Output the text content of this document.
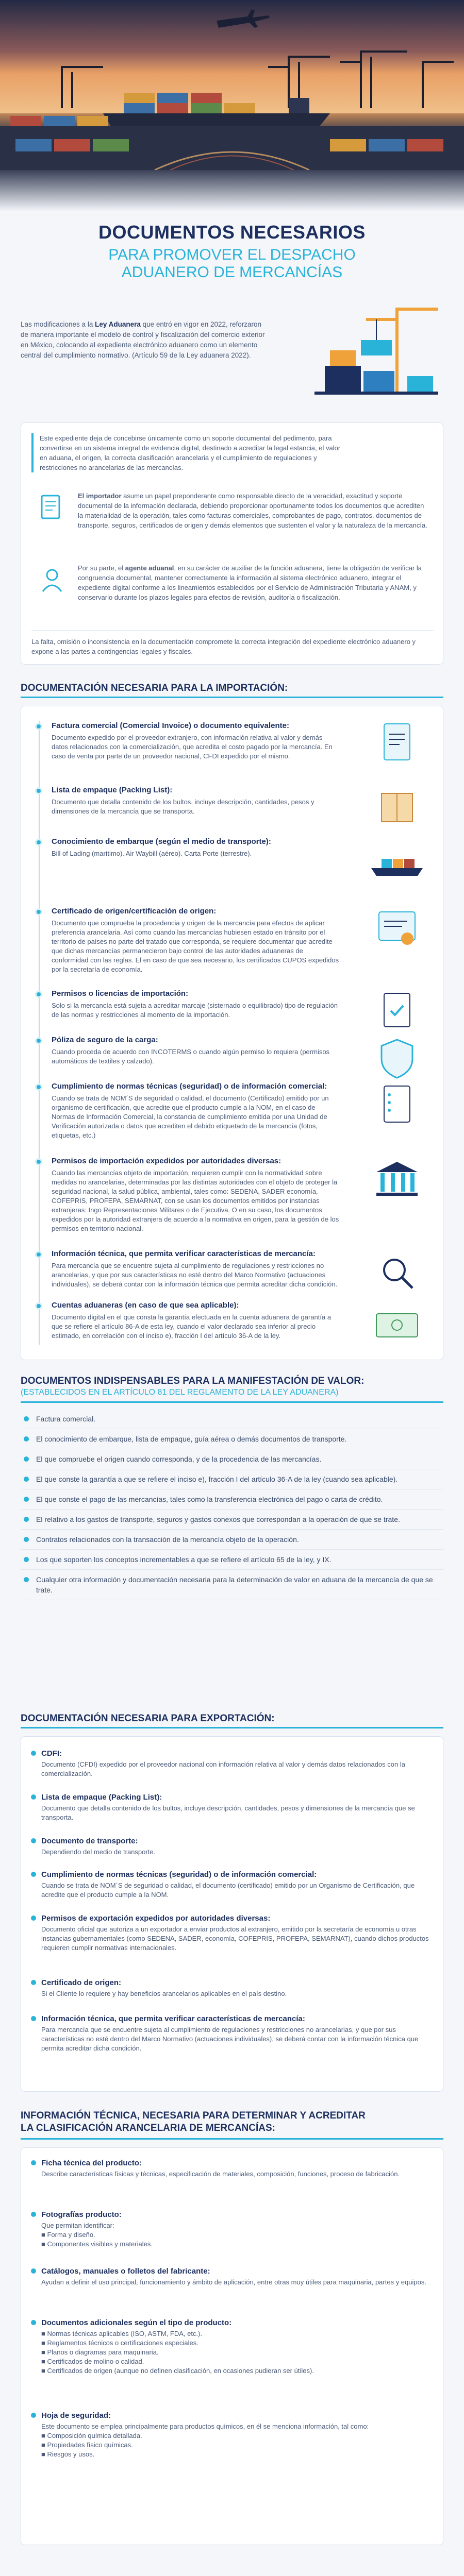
DOCUMENTOS NECESARIOS
PARA PROMOVER EL DESPACHO
ADUANERO DE MERCANCÍAS
Las modificaciones a la Ley Aduanera que entró en vigor en 2022, reforzaron de manera importante el modelo de control y fiscalización del comercio exterior en México, colocando al expediente electrónico aduanero como un elemento central del cumplimiento normativo. (Artículo 59 de la Ley aduanera 2022).
Este expediente deja de concebirse únicamente como un soporte documental del pedimento, para convertirse en un sistema integral de evidencia digital, destinado a acreditar la legal estancia, el valor en aduana, el origen, la correcta clasificación arancelaria y el cumplimiento de regulaciones y restricciones no arancelarias de las mercancías.
El importador asume un papel preponderante como responsable directo de la veracidad, exactitud y soporte documental de la información declarada, debiendo proporcionar oportunamente todos los documentos que acrediten la materialidad de la operación, tales como facturas comerciales, comprobantes de pago, contratos, documentos de transporte, seguros, certificados de origen y demás elementos que sustenten el valor y la naturaleza de la mercancía.
Por su parte, el agente aduanal, en su carácter de auxiliar de la función aduanera, tiene la obligación de verificar la congruencia documental, mantener correctamente la información al sistema electrónico aduanero, integrar el expediente digital conforme a los lineamientos establecidos por el Servicio de Administración Tributaria y ANAM, y conservarlo durante los plazos legales para efectos de revisión, auditoría o fiscalización.
La falta, omisión o inconsistencia en la documentación compromete la correcta integración del expediente electrónico aduanero y expone a las partes a contingencias legales y fiscales.
DOCUMENTACIÓN NECESARIA PARA LA IMPORTACIÓN:
Factura comercial (Comercial Invoice) o documento equivalente:
Documento expedido por el proveedor extranjero, con información relativa al valor y demás datos relacionados con la comercialización, que acredita el costo pagado por la mercancía. En caso de venta por parte de un proveedor nacional, CFDI expedido por el mismo.
Lista de empaque (Packing List):
Documento que detalla contenido de los bultos, incluye descripción, cantidades, pesos y dimensiones de la mercancía que se transporta.
Conocimiento de embarque (según el medio de transporte):
Bill of Lading (marítimo). Air Waybill (aéreo). Carta Porte (terrestre).
Certificado de origen/certificación de origen:
Documento que comprueba la procedencia y origen de la mercancía para efectos de aplicar preferencia arancelaria. Así como cuando las mercancías hubiesen estado en tránsito por el territorio de países no parte del tratado que corresponda, se requiere documentar que acredite que dichas mercancías permanecieron bajo control de las autoridades aduaneras de conformidad con las reglas. El en caso de que sea necesario, los certificados CUPOS expedidos por la secretaría de economía.
Permisos o licencias de importación:
Solo si la mercancía está sujeta a acreditar marcaje (sisternado o equilibrado) tipo de regulación de las normas y restricciones al momento de la importación.
Póliza de seguro de la carga:
Cuando proceda de acuerdo con INCOTERMS o cuando algún permiso lo requiera (permisos automáticos de textiles y calzado).
Cumplimiento de normas técnicas (seguridad) o de información comercial:
Cuando se trata de NOM´S de seguridad o calidad, el documento (Certificado) emitido por un organismo de certificación, que acredite que el producto cumple a la NOM, en el caso de Normas de Información Comercial, la constancia de cumplimiento emitida por una Unidad de Verificación autorizada o datos que acrediten el debido etiquetado de la mercancía (fotos, etiquetas, etc.)
Permisos de importación expedidos por autoridades diversas:
Cuando las mercancías objeto de importación, requieren cumplir con la normatividad sobre medidas no arancelarias, determinadas por las distintas autoridades con el objeto de proteger la seguridad nacional, la salud pública, ambiental, tales como: SEDENA, SADER economía, COFEPRIS, PROFEPA, SEMARNAT, con se usan los documentos emitidos por instancias extranjeras: Ingo Representaciones Militares o de Ejecutiva. O en su caso, los documentos expedidos por la autoridad extranjera de acuerdo a la normativa en origen, para la gestión de los permisos en territorio nacional.
Información técnica, que permita verificar características de mercancía:
Para mercancía que se encuentre sujeta al cumplimiento de regulaciones y restricciones no arancelarias, y que por sus características no esté dentro del Marco Normativo (actuaciones individuales), se deberá contar con la información técnica que permita acreditar dicha condición.
Cuentas aduaneras (en caso de que sea aplicable):
Documento digital en el que consta la garantía efectuada en la cuenta aduanera de garantía a que se refiere el artículo 86-A de esta ley, cuando el valor declarado sea inferior al precio estimado, en correlación con el inciso e), fracción I del artículo 36-A de la ley.
DOCUMENTOS INDISPENSABLES PARA LA MANIFESTACIÓN DE VALOR:
(ESTABLECIDOS EN EL ARTÍCULO 81 DEL REGLAMENTO DE LA LEY ADUANERA)
Factura comercial.
El conocimiento de embarque, lista de empaque, guía aérea o demás documentos de transporte.
El que compruebe el origen cuando corresponda, y de la procedencia de las mercancías.
El que conste la garantía a que se refiere el inciso e), fracción I del artículo 36-A de la ley (cuando sea aplicable).
El que conste el pago de las mercancías, tales como la transferencia electrónica del pago o carta de crédito.
El relativo a los gastos de transporte, seguros y gastos conexos que correspondan a la operación de que se trate.
Contratos relacionados con la transacción de la mercancía objeto de la operación.
Los que soporten los conceptos incrementables a que se refiere el artículo 65 de la ley, y IX.
Cualquier otra información y documentación necesaria para la determinación de valor en aduana de la mercancía de que se trate.
DOCUMENTACIÓN NECESARIA PARA EXPORTACIÓN:
CDFI:
Documento (CFDI) expedido por el proveedor nacional con información relativa al valor y demás datos relacionados con la comercialización.
Lista de empaque (Packing List):
Documento que detalla contenido de los bultos, incluye descripción, cantidades, pesos y dimensiones de la mercancía que se transporta.
Documento de transporte:
Dependiendo del medio de transporte.
Cumplimiento de normas técnicas (seguridad) o de información comercial:
Cuando se trata de NOM´S de seguridad o calidad, el documento (certificado) emitido por un Organismo de Certificación, que acredite que el producto cumple a la NOM.
Permisos de exportación expedidos por autoridades diversas:
Documento oficial que autoriza a un exportador a enviar productos al extranjero, emitido por la secretaría de economía u otras instancias gubernamentales (como SEDENA, SADER, economía, COFEPRIS, PROFEPA, SEMARNAT), cuando dichos productos requieren cumplir normativas internacionales.
Certificado de origen:
Si el Cliente lo requiere y hay beneficios arancelarios aplicables en el país destino.
Información técnica, que permita verificar características de mercancía:
Para mercancía que se encuentre sujeta al cumplimiento de regulaciones y restricciones no arancelarias, y que por sus características no esté dentro del Marco Normativo (actuaciones individuales), se deberá contar con la información técnica que permita acreditar dicha condición.
INFORMACIÓN TÉCNICA, NECESARIA PARA DETERMINAR Y ACREDITAR
LA CLASIFICACIÓN ARANCELARIA DE MERCANCÍAS:
Ficha técnica del producto:
Describe características físicas y técnicas, especificación de materiales, composición, funciones, proceso de fabricación.
Fotografías producto:
Que permitan identificar:
■ Forma y diseño.
■ Componentes visibles y materiales.
Catálogos, manuales o folletos del fabricante:
Ayudan a definir el uso principal, funcionamiento y ámbito de aplicación, entre otras muy útiles para maquinaria, partes y equipos.
Documentos adicionales según el tipo de producto:
■ Normas técnicas aplicables (ISO, ASTM, FDA, etc.).
■ Reglamentos técnicos o certificaciones especiales.
■ Planos o diagramas para maquinaria.
■ Certificados de molino o calidad.
■ Certificados de origen (aunque no definen clasificación, en ocasiones pudieran ser útiles).
Hoja de seguridad:
Este documento se emplea principalmente para productos químicos, en él se menciona información, tal como:
■ Composición química detallada.
■ Propiedades físico químicas.
■ Riesgos y usos.
